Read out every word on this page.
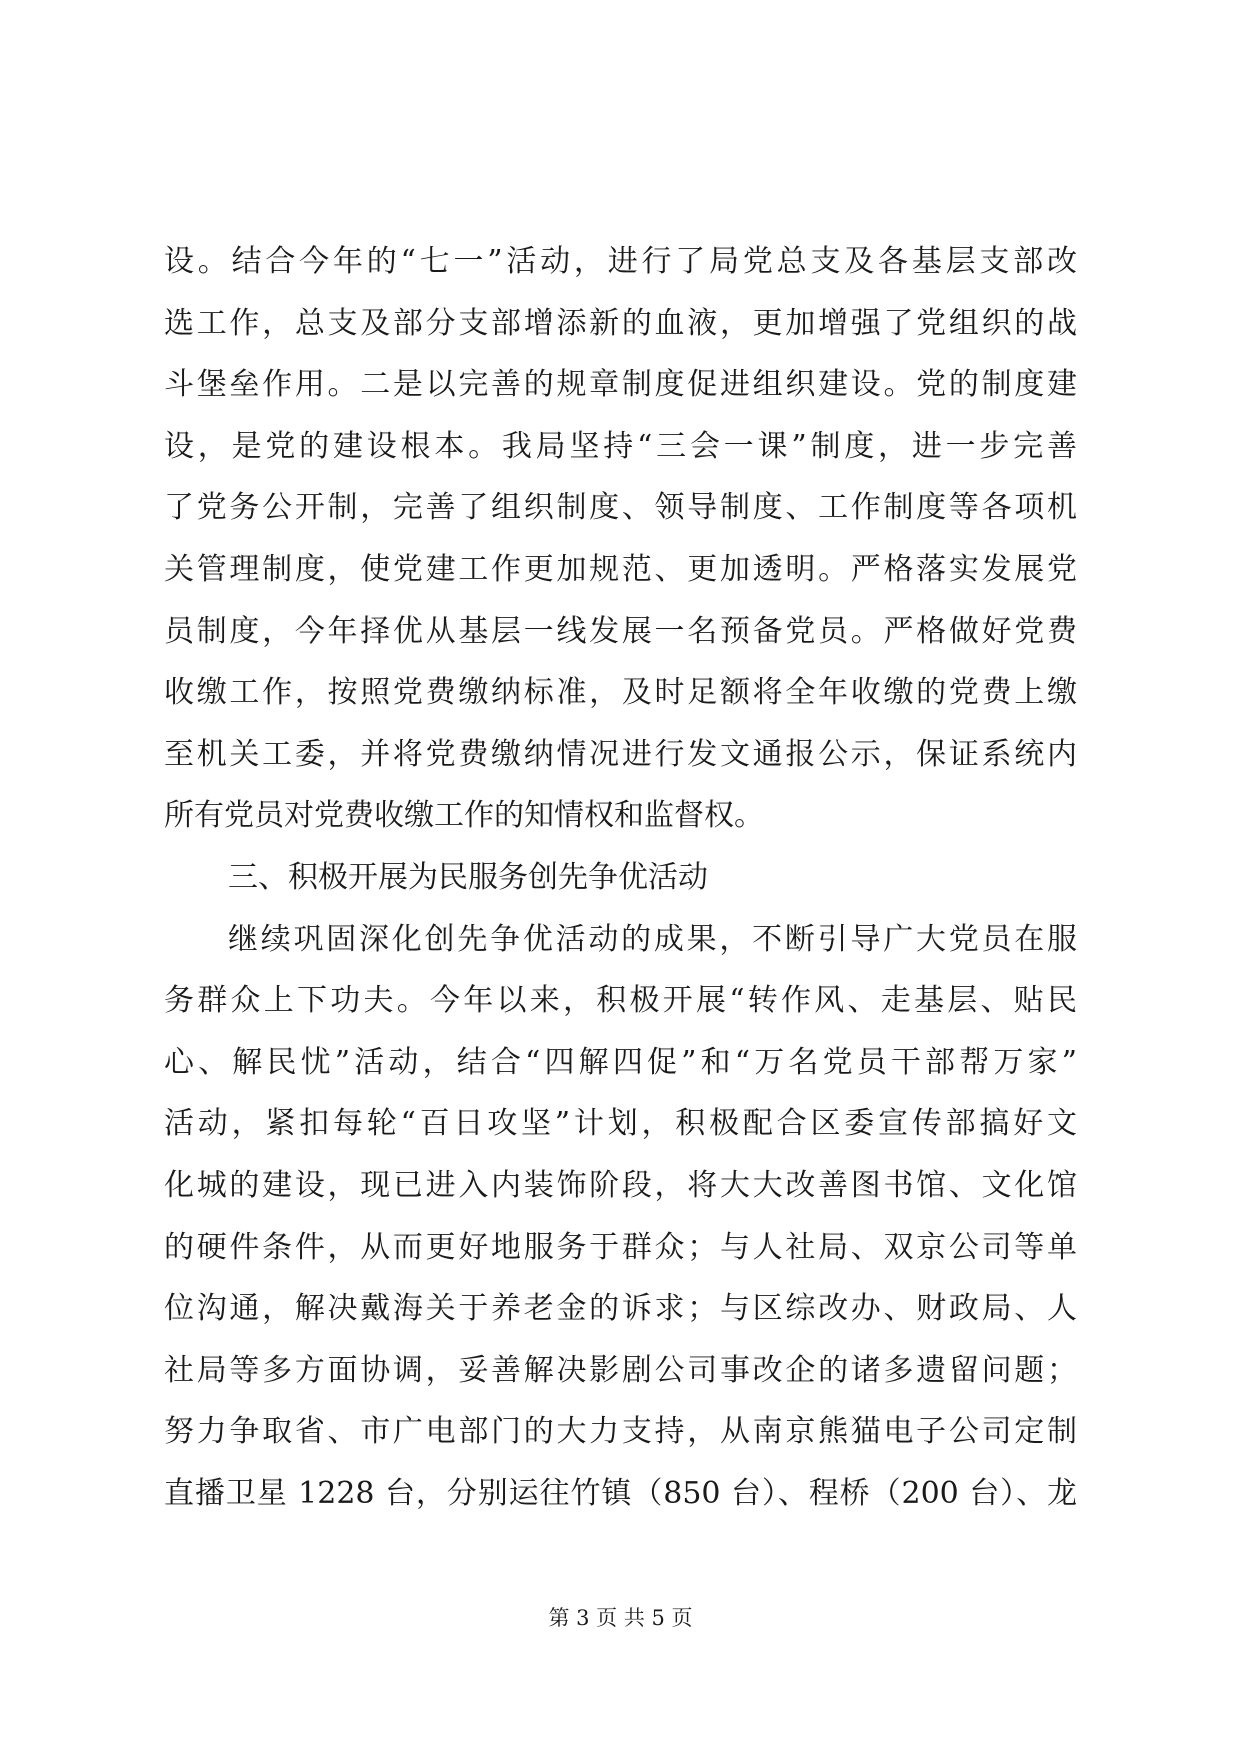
设。结合今年的“七一”活动，进行了局党总支及各基层支部改
选工作，总支及部分支部增添新的血液，更加增强了党组织的战
斗堡垒作用。二是以完善的规章制度促进组织建设。党的制度建
设，是党的建设根本。我局坚持“三会一课”制度，进一步完善
了党务公开制，完善了组织制度、领导制度、工作制度等各项机
关管理制度，使党建工作更加规范、更加透明。严格落实发展党
员制度，今年择优从基层一线发展一名预备党员。严格做好党费
收缴工作，按照党费缴纳标准，及时足额将全年收缴的党费上缴
至机关工委，并将党费缴纳情况进行发文通报公示，保证系统内
所有党员对党费收缴工作的知情权和监督权。
三、积极开展为民服务创先争优活动
继续巩固深化创先争优活动的成果，不断引导广大党员在服
务群众上下功夫。今年以来，积极开展“转作风、走基层、贴民
心、解民忧”活动，结合“四解四促”和“万名党员干部帮万家”
活动，紧扣每轮“百日攻坚”计划，积极配合区委宣传部搞好文
化城的建设，现已进入内装饰阶段，将大大改善图书馆、文化馆
的硬件条件，从而更好地服务于群众；与人社局、双京公司等单
位沟通，解决戴海关于养老金的诉求；与区综改办、财政局、人
社局等多方面协调，妥善解决影剧公司事改企的诸多遗留问题；
努力争取省、市广电部门的大力支持，从南京熊猫电子公司定制
直播卫星 1228 台，分别运往竹镇（850 台）、程桥（200 台）、龙
第 3 页 共 5 页
